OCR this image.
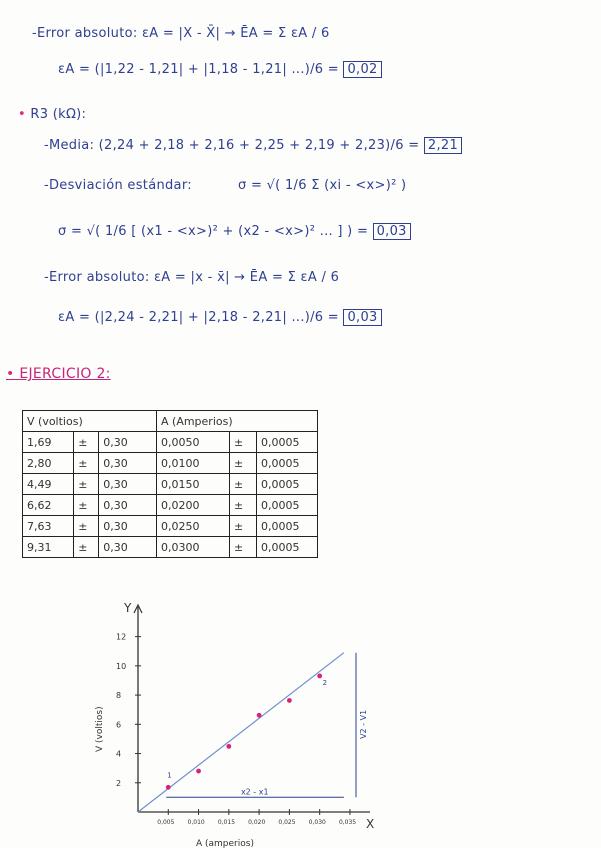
-Error absoluto: εA = |X - X̄| → ĒA = Σ εA / 6
εA = (|1,22 - 1,21| + |1,18 - 1,21| ...)/6 = 0,02
• R3 (kΩ):
-Media: (2,24 + 2,18 + 2,16 + 2,25 + 2,19 + 2,23)/6 = 2,21
-Desviación estándar:	σ = √( 1/6 Σ (xi - <x>)² )
σ = √( 1/6 [ (x1 - <x>)² + (x2 - <x>)² ... ] ) = 0,03
-Error absoluto: εA = |x - x̄| → ĒA = Σ εA / 6
εA = (|2,24 - 2,21| + |2,18 - 2,21| ...)/6 = 0,03
• EJERCICIO 2:
V (voltios)			A (Amperios)		
1,69	±	0,30	0,0050	±	0,0005
2,80	±	0,30	0,0100	±	0,0005
4,49	±	0,30	0,0150	±	0,0005
6,62	±	0,30	0,0200	±	0,0005
7,63	±	0,30	0,0250	±	0,0005
9,31	±	0,30	0,0300	±	0,0005
Y
X
0,005 0,010 0,015 0,020 0,025 0,030 0,035
2
4
6
8
10
12
A (amperios)
V (voltios)
x2 - x1
V2 - V1
1
2
